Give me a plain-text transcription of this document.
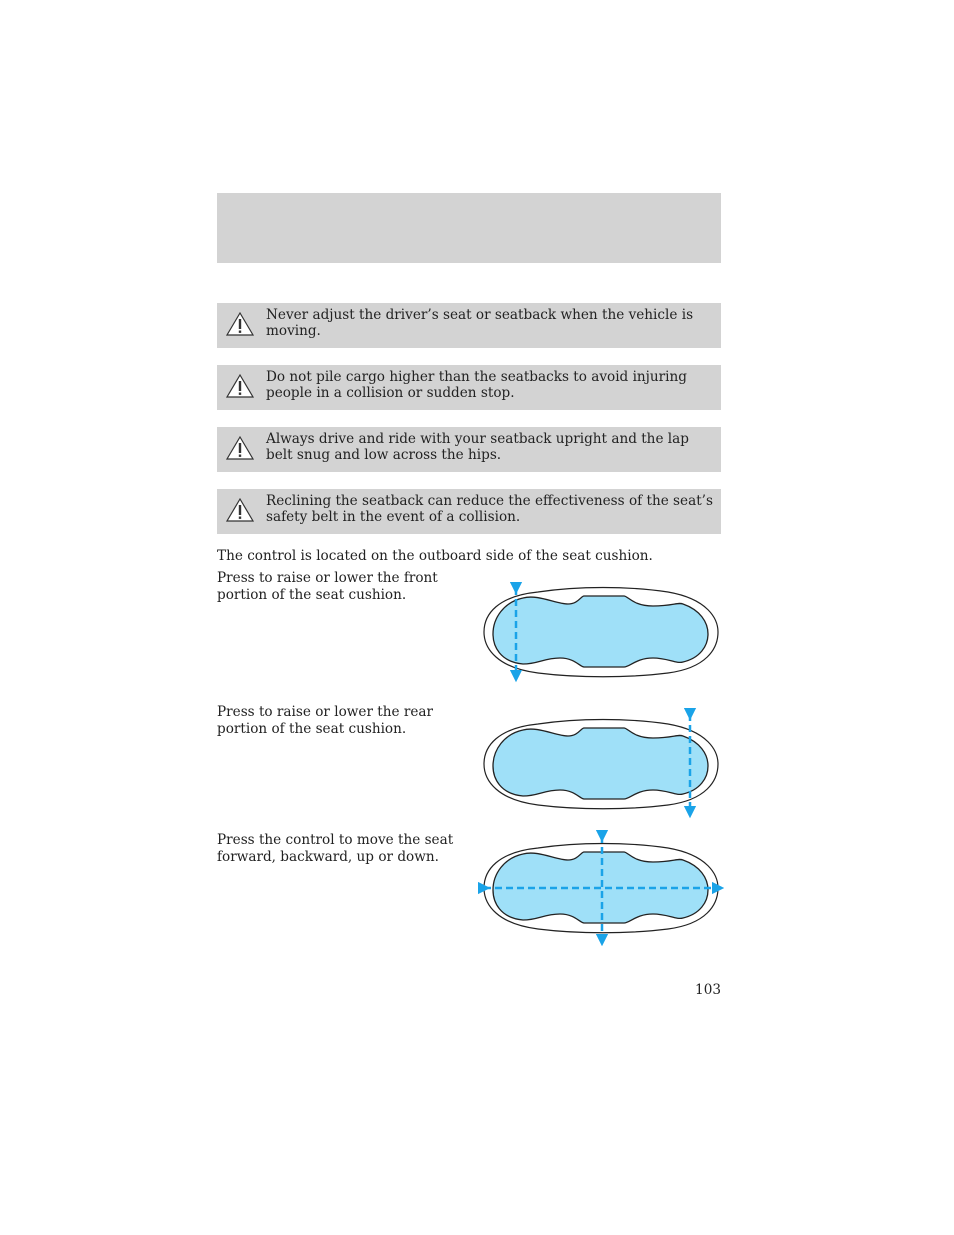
Never adjust the driver’s seat or seatback when the vehicle is moving.
Do not pile cargo higher than the seatbacks to avoid injuring people in a collision or sudden stop.
Always drive and ride with your seatback upright and the lap belt snug and low across the hips.
Reclining the seatback can reduce the effectiveness of the seat’s safety belt in the event of a collision.
The control is located on the outboard side of the seat cushion.
Press to raise or lower the front portion of the seat cushion.
Press to raise or lower the rear portion of the seat cushion.
Press the control to move the seat forward, backward, up or down.
103
